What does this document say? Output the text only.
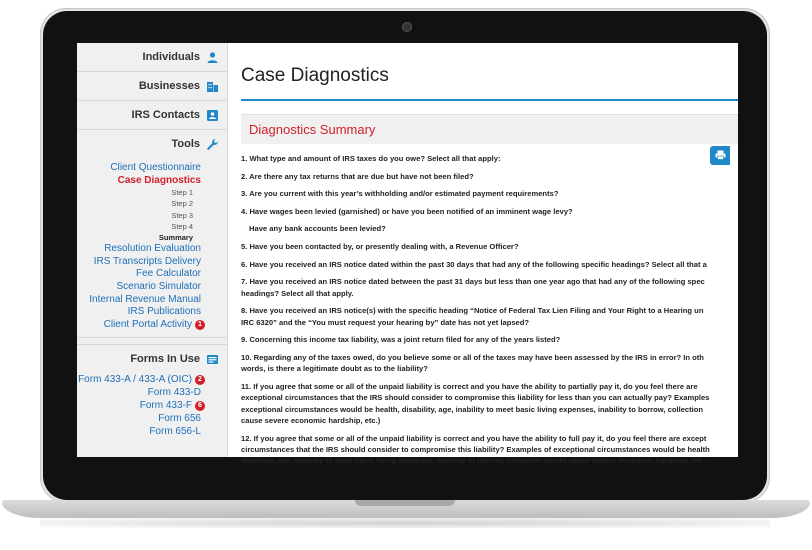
Individuals
Businesses
IRS Contacts
Tools
Client Questionnaire
Case Diagnostics
Step 1
Step 2
Step 3
Step 4
Summary
Resolution Evaluation
IRS Transcripts Delivery
Fee Calculator
Scenario Simulator
Internal Revenue Manual
IRS Publications
Client Portal Activity 1
Forms In Use
Form 433-A / 433-A (OIC) 2
Form 433-D
Form 433-F 6
Form 656
Form 656-L
Case Diagnostics
Diagnostics Summary
1. What type and amount of IRS taxes do you owe? Select all that apply:
2. Are there any tax returns that are due but have not been filed?
3. Are you current with this year’s withholding and/or estimated payment requirements?
4. Have wages been levied (garnished) or have you been notified of an imminent wage levy?
Have any bank accounts been levied?
5. Have you been contacted by, or presently dealing with, a Revenue Officer?
6. Have you received an IRS notice dated within the past 30 days that had any of the following specific headings? Select all that a
7. Have you received an IRS notice dated between the past 31 days but less than one year ago that had any of the following spec
headings? Select all that apply.
8. Have you received an IRS notice(s) with the specific heading “Notice of Federal Tax Lien Filing and Your Right to a Hearing un
IRC 6320” and the “You must request your hearing by” date has not yet lapsed?
9. Concerning this income tax liability, was a joint return filed for any of the years listed?
10. Regarding any of the taxes owed, do you believe some or all of the taxes may have been assessed by the IRS in error? In oth
words, is there a legitimate doubt as to the liability?
11. If you agree that some or all of the unpaid liability is correct and you have the ability to partially pay it, do you feel there are
exceptional circumstances that the IRS should consider to compromise this liability for less than you can actually pay? Examples
exceptional circumstances would be health, disability, age, inability to meet basic living expenses, inability to borrow, collection
cause severe economic hardship, etc.)
12. If you agree that some or all of the unpaid liability is correct and you have the ability to full pay it, do you feel there are except
circumstances that the IRS should consider to compromise this liability? Examples of exceptional circumstances would be health
disability, age, inability to meet basic living expenses, inability to borrow, collection would cause severe economic hardship, etc.
